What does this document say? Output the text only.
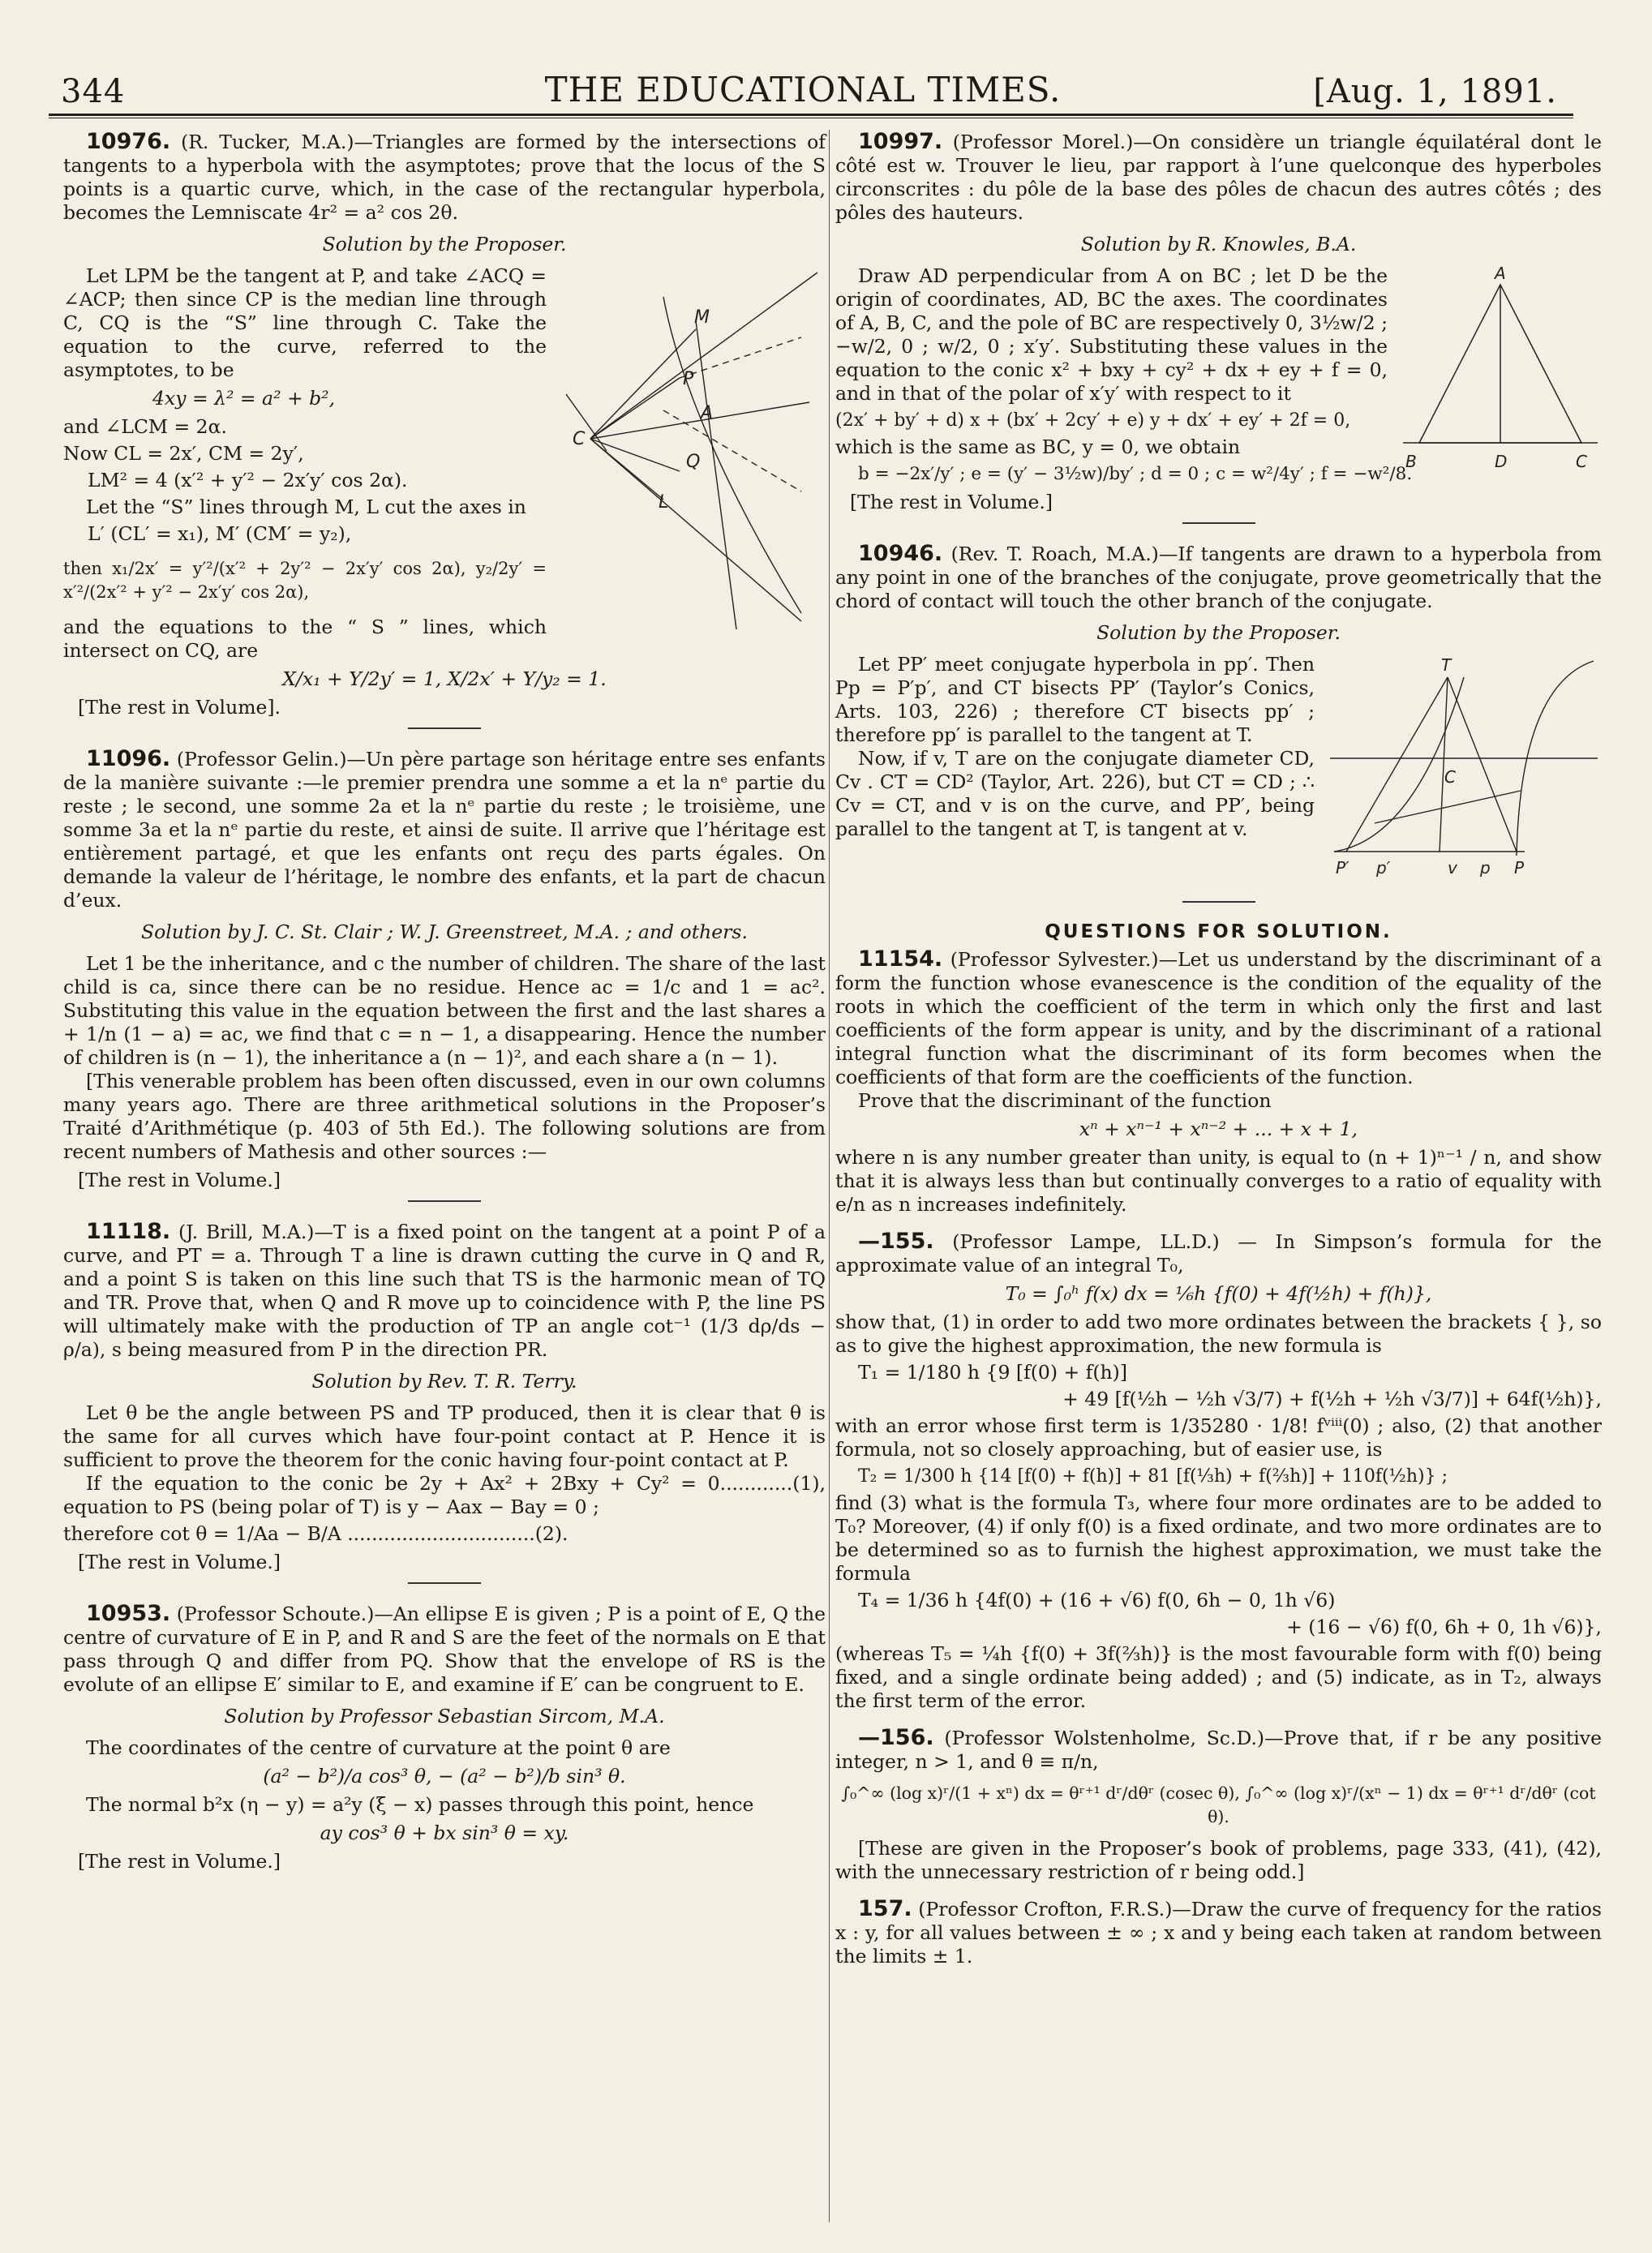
344	THE EDUCATIONAL TIMES.	[Aug. 1, 1891.

10976. (R. Tucker, M.A.)—Triangles are formed by the intersections of tangents to a hyperbola with the asymptotes; prove that the locus of the S points is a quartic curve, which, in the case of the rectangular hyperbola, becomes the Lemniscate 4r² = a² cos 2θ.

Solution by the Proposer.

M
P
A
C
Q
L

Let LPM be the tangent at P, and take ∠ACQ = ∠ACP; then since CP is the median line through C, CQ is the “S” line through C. Take the equation to the curve, referred to the asymptotes, to be

4xy = λ² = a² + b²,

and ∠LCM = 2α.

Now CL = 2x′, CM = 2y′,

LM² = 4 (x′² + y′² − 2x′y′ cos 2α).

Let the “S” lines through M, L cut the axes in

L′ (CL′ = x₁), M′ (CM′ = y₂),

then x₁/2x′ = y′²/(x′² + 2y′² − 2x′y′ cos 2α), y₂/2y′ = x′²/(2x′² + y′² − 2x′y′ cos 2α),

and the equations to the “ S ” lines, which intersect on CQ, are

X/x₁ + Y/2y′ = 1, X/2x′ + Y/y₂ = 1.

[The rest in Volume].

11096. (Professor Gelin.)—Un père partage son héritage entre ses enfants de la manière suivante :—le premier prendra une somme a et la nᵉ partie du reste ; le second, une somme 2a et la nᵉ partie du reste ; le troisième, une somme 3a et la nᵉ partie du reste, et ainsi de suite. Il arrive que l’héritage est entièrement partagé, et que les enfants ont reçu des parts égales. On demande la valeur de l’héritage, le nombre des enfants, et la part de chacun d’eux.

Solution by J. C. St. Clair ; W. J. Greenstreet, M.A. ; and others.

Let 1 be the inheritance, and c the number of children. The share of the last child is ca, since there can be no residue. Hence ac = 1/c and 1 = ac². Substituting this value in the equation between the first and the last shares a + 1/n (1 − a) = ac, we find that c = n − 1, a disappearing. Hence the number of children is (n − 1), the inheritance a (n − 1)², and each share a (n − 1).

[This venerable problem has been often discussed, even in our own columns many years ago. There are three arithmetical solutions in the Proposer’s Traité d’Arithmétique (p. 403 of 5th Ed.). The following solutions are from recent numbers of Mathesis and other sources :—

[The rest in Volume.]

11118. (J. Brill, M.A.)—T is a fixed point on the tangent at a point P of a curve, and PT = a. Through T a line is drawn cutting the curve in Q and R, and a point S is taken on this line such that TS is the harmonic mean of TQ and TR. Prove that, when Q and R move up to coincidence with P, the line PS will ultimately make with the production of TP an angle cot⁻¹ (1/3 dρ/ds − ρ/a), s being measured from P in the direction PR.

Solution by Rev. T. R. Terry.

Let θ be the angle between PS and TP produced, then it is clear that θ is the same for all curves which have four-point contact at P. Hence it is sufficient to prove the theorem for the conic having four-point contact at P.

If the equation to the conic be 2y + Ax² + 2Bxy + Cy² = 0............(1), equation to PS (being polar of T) is y − Aax − Bay = 0 ;

therefore cot θ = 1/Aa − B/A ...............................(2).

[The rest in Volume.]

10953. (Professor Schoute.)—An ellipse E is given ; P is a point of E, Q the centre of curvature of E in P, and R and S are the feet of the normals on E that pass through Q and differ from PQ. Show that the envelope of RS is the evolute of an ellipse E′ similar to E, and examine if E′ can be congruent to E.

Solution by Professor Sebastian Sircom, M.A.

The coordinates of the centre of curvature at the point θ are

(a² − b²)/a cos³ θ, − (a² − b²)/b sin³ θ.

The normal b²x (η − y) = a²y (ξ − x) passes through this point, hence

ay cos³ θ + bx sin³ θ = xy.

[The rest in Volume.]

10997. (Professor Morel.)—On considère un triangle équilatéral dont le côté est w. Trouver le lieu, par rapport à l’une quelconque des hyperboles circonscrites : du pôle de la base des pôles de chacun des autres côtés ; des pôles des hauteurs.

Solution by R. Knowles, B.A.

A
B	C
D

Draw AD perpendicular from A on BC ; let D be the origin of coordinates, AD, BC the axes. The coordinates of A, B, C, and the pole of BC are respectively 0, 3½w/2 ; −w/2, 0 ; w/2, 0 ; x′y′. Substituting these values in the equation to the conic x² + bxy + cy² + dx + ey + f = 0, and in that of the polar of x′y′ with respect to it

(2x′ + by′ + d) x + (bx′ + 2cy′ + e) y + dx′ + ey′ + 2f = 0,

which is the same as BC, y = 0, we obtain

b = −2x′/y′ ; e = (y′ − 3½w)/by′ ; d = 0 ; c = w²/4y′ ; f = −w²/8.

[The rest in Volume.]

10946. (Rev. T. Roach, M.A.)—If tangents are drawn to a hyperbola from any point in one of the branches of the conjugate, prove geometrically that the chord of contact will touch the other branch of the conjugate.

Solution by the Proposer.

T
C
P′ p′	v p P

Let PP′ meet conjugate hyperbola in pp′. Then Pp = P′p′, and CT bisects PP′ (Taylor’s Conics, Arts. 103, 226) ; therefore CT bisects pp′ ; therefore pp′ is parallel to the tangent at T.

Now, if v, T are on the conjugate diameter CD, Cv . CT = CD² (Taylor, Art. 226), but CT = CD ; ∴ Cv = CT, and v is on the curve, and PP′, being parallel to the tangent at T, is tangent at v.

QUESTIONS FOR SOLUTION.

11154. (Professor Sylvester.)—Let us understand by the discriminant of a form the function whose evanescence is the condition of the equality of the roots in which the coefficient of the term in which only the first and last coefficients of the form appear is unity, and by the discriminant of a rational integral function what the discriminant of its form becomes when the coefficients of that form are the coefficients of the function.

Prove that the discriminant of the function

xⁿ + xⁿ⁻¹ + xⁿ⁻² + ... + x + 1,

where n is any number greater than unity, is equal to (n + 1)ⁿ⁻¹ / n, and show that it is always less than but continually converges to a ratio of equality with e/n as n increases indefinitely.

—155. (Professor Lampe, LL.D.) — In Simpson’s formula for the approximate value of an integral T₀,

T₀ = ∫₀ʰ f(x) dx = ⅙h {f(0) + 4f(½h) + f(h)},

show that, (1) in order to add two more ordinates between the brackets { }, so as to give the highest approximation, the new formula is

T₁ = 1/180 h {9 [f(0) + f(h)]

+ 49 [f(½h − ½h √3/7) + f(½h + ½h √3/7)] + 64f(½h)},

with an error whose first term is 1/35280 · 1/8! fᵛⁱⁱⁱ(0) ; also, (2) that another formula, not so closely approaching, but of easier use, is

T₂ = 1/300 h {14 [f(0) + f(h)] + 81 [f(⅓h) + f(⅔h)] + 110f(½h)} ;

find (3) what is the formula T₃, where four more ordinates are to be added to T₀? Moreover, (4) if only f(0) is a fixed ordinate, and two more ordinates are to be determined so as to furnish the highest approximation, we must take the formula

T₄ = 1/36 h {4f(0) + (16 + √6) f(0, 6h − 0, 1h √6)

+ (16 − √6) f(0, 6h + 0, 1h √6)},

(whereas T₅ = ¼h {f(0) + 3f(⅔h)} is the most favourable form with f(0) being fixed, and a single ordinate being added) ; and (5) indicate, as in T₂, always the first term of the error.

—156. (Professor Wolstenholme, Sc.D.)—Prove that, if r be any positive integer, n > 1, and θ ≡ π/n,

∫₀^∞ (log x)ʳ/(1 + xⁿ) dx = θʳ⁺¹ dʳ/dθʳ (cosec θ), ∫₀^∞ (log x)ʳ/(xⁿ − 1) dx = θʳ⁺¹ dʳ/dθʳ (cot θ).

[These are given in the Proposer’s book of problems, page 333, (41), (42), with the unnecessary restriction of r being odd.]

157. (Professor Crofton, F.R.S.)—Draw the curve of frequency for the ratios x : y, for all values between ± ∞ ; x and y being each taken at random between the limits ± 1.
